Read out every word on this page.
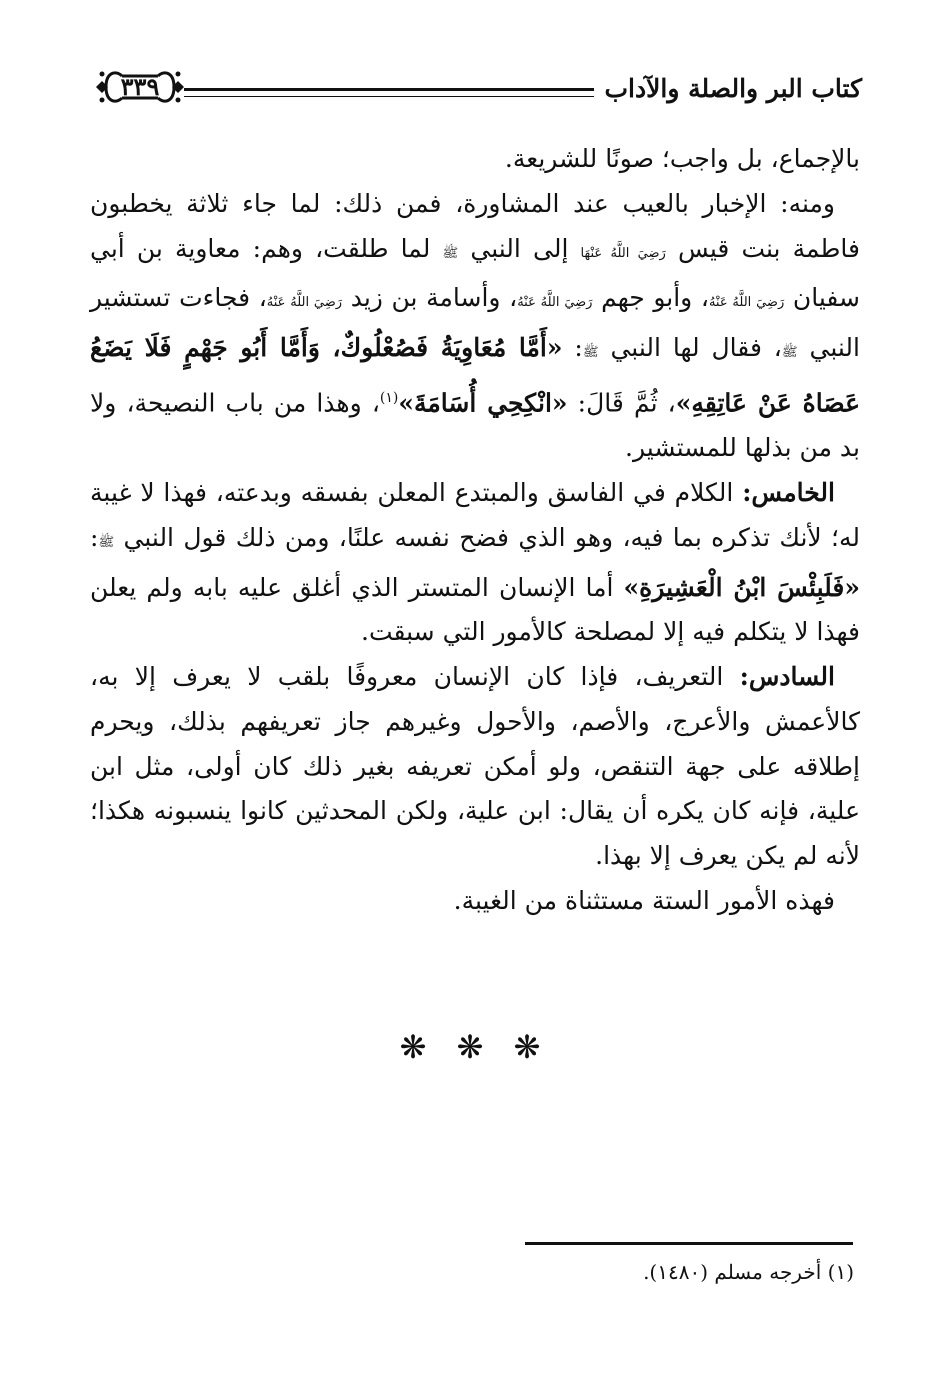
كتاب البر والصلة والآداب
٣٣٩

بالإجماع، بل واجب؛ صونًا للشريعة.

 ومنه: الإخبار بالعيب عند المشاورة، فمن ذلك: لما جاء ثلاثة يخطبون فاطمة بنت قيس رَضِيَ اللَّهُ عَنْهَا إلى النبي ﷺ لما طلقت، وهم: معاوية بن أبي سفيان رَضِيَ اللَّهُ عَنْهُ، وأبو جهم رَضِيَ اللَّهُ عَنْهُ، وأسامة بن زيد رَضِيَ اللَّهُ عَنْهُ، فجاءت تستشير النبي ﷺ، فقال لها النبي ﷺ: «أَمَّا مُعَاوِيَةُ فَصُعْلُوكٌ، وَأَمَّا أَبُو جَهْمٍ فَلَا يَضَعُ عَصَاهُ عَنْ عَاتِقِهِ»، ثُمَّ قَالَ: «انْكِحِي أُسَامَةَ»$^{(١)}$، وهذا من باب النصيحة، ولا بد من بذلها للمستشير.

 الخامس: الكلام في الفاسق والمبتدع المعلن بفسقه وبدعته، فهذا لا غيبة له؛ لأنك تذكره بما فيه، وهو الذي فضح نفسه علنًا، ومن ذلك قول النبي ﷺ: «فَلَبِئْسَ ابْنُ الْعَشِيرَةِ» أما الإنسان المتستر الذي أغلق عليه بابه ولم يعلن فهذا لا يتكلم فيه إلا لمصلحة كالأمور التي سبقت.

 السادس: التعريف، فإذا كان الإنسان معروفًا بلقب لا يعرف إلا به، كالأعمش والأعرج، والأصم، والأحول وغيرهم جاز تعريفهم بذلك، ويحرم إطلاقه على جهة التنقص، ولو أمكن تعريفه بغير ذلك كان أولى، مثل ابن علية، فإنه كان يكره أن يقال: ابن علية، ولكن المحدثين كانوا ينسبونه هكذا؛ لأنه لم يكن يعرف إلا بهذا.

 فهذه الأمور الستة مستثناة من الغيبة.

❋ ❋ ❋
(١) أخرجه مسلم (١٤٨٠).
